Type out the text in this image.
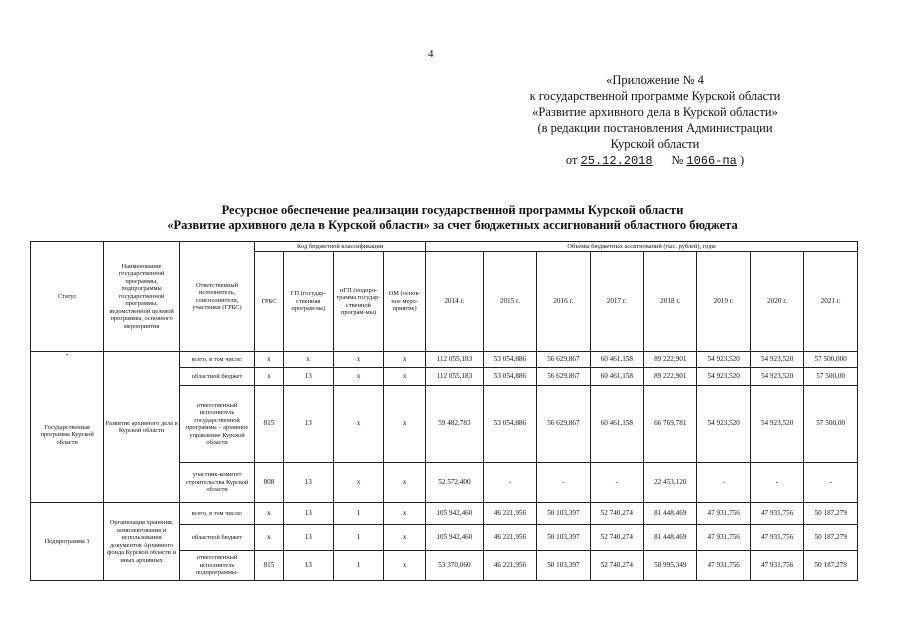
4
«Приложение № 4
к государственной программе Курской области
«Развитие архивного дела в Курской области»
(в редакции постановления Администрации
Курской области
от 25.12.2018 № 1066-па )
Ресурсное обеспечение реализации государственной программы Курской области
«Развитие архивного дела в Курской области» за счет бюджетных ассигнований областного бюджета
Статус	Наименование государственной программы, подпрограммы государственной программы, ведомственной целевой программы, основного мероприятия	Ответственный исполнитель, соисполнители, участники (ГРБС)	Код бюджетной классификации				Объемы бюджетных ассигнований (тыс. рублей), годы							
			ГРБС	ГП (государ-ственная програм-ма)	пГП (подпро-грамма государ-ственной програм-мы)	ОМ (основ-ное меро-приятие)	2014 г.	2015 г.	2016 г.	2017 г.	2018 г.	2019 г.	2020 г.	2021 г.
•	Развитие архивного дела в Курской области	всего, в том числе:	x	x	x	x	112 055,183	53 054,886	56 629,867	60 461,158	89 222,901	54 923,520	54 923,520	57 500,000
Государственная программа Курской области		областной бюджет	x	13	x	x	112 055,183	53 054,886	56 629,867	60 461,158	89 222,901	54 923,520	54 923,520	57 500,00
		ответственный исполнитель государственной программы – архивное управление Курской области	815	13	x	x	59 482,783	53 054,886	56 629,867	60 461,158	66 769,781	54 923,520	54 923,520	57 500,00
		участник-комитет строительства Курской области	808	13	x	x	52 572,400	-	-	-	22 453,120	-	-	-
Подпрограмма 1	Организация хранения, комплектования и использования документов Архивного фонда Курской области и иных архивных	всего, в том числе:	x	13	1	x	105 942,460	46 221,956	50 103,397	52 740,274	81 448,469	47 931,756	47 931,756	50 187,279
		областной бюджет	x	13	1	x	105 942,460	46 221,956	50 103,397	52 740,274	81 448,469	47 931,756	47 931,756	50 187,279
		ответственный исполнитель подпрограммы-	815	13	1	x	53 370,060	46 221,956	50 103,397	52 740,274	58 995,349	47 931,756	47 931,756	50 187,279
